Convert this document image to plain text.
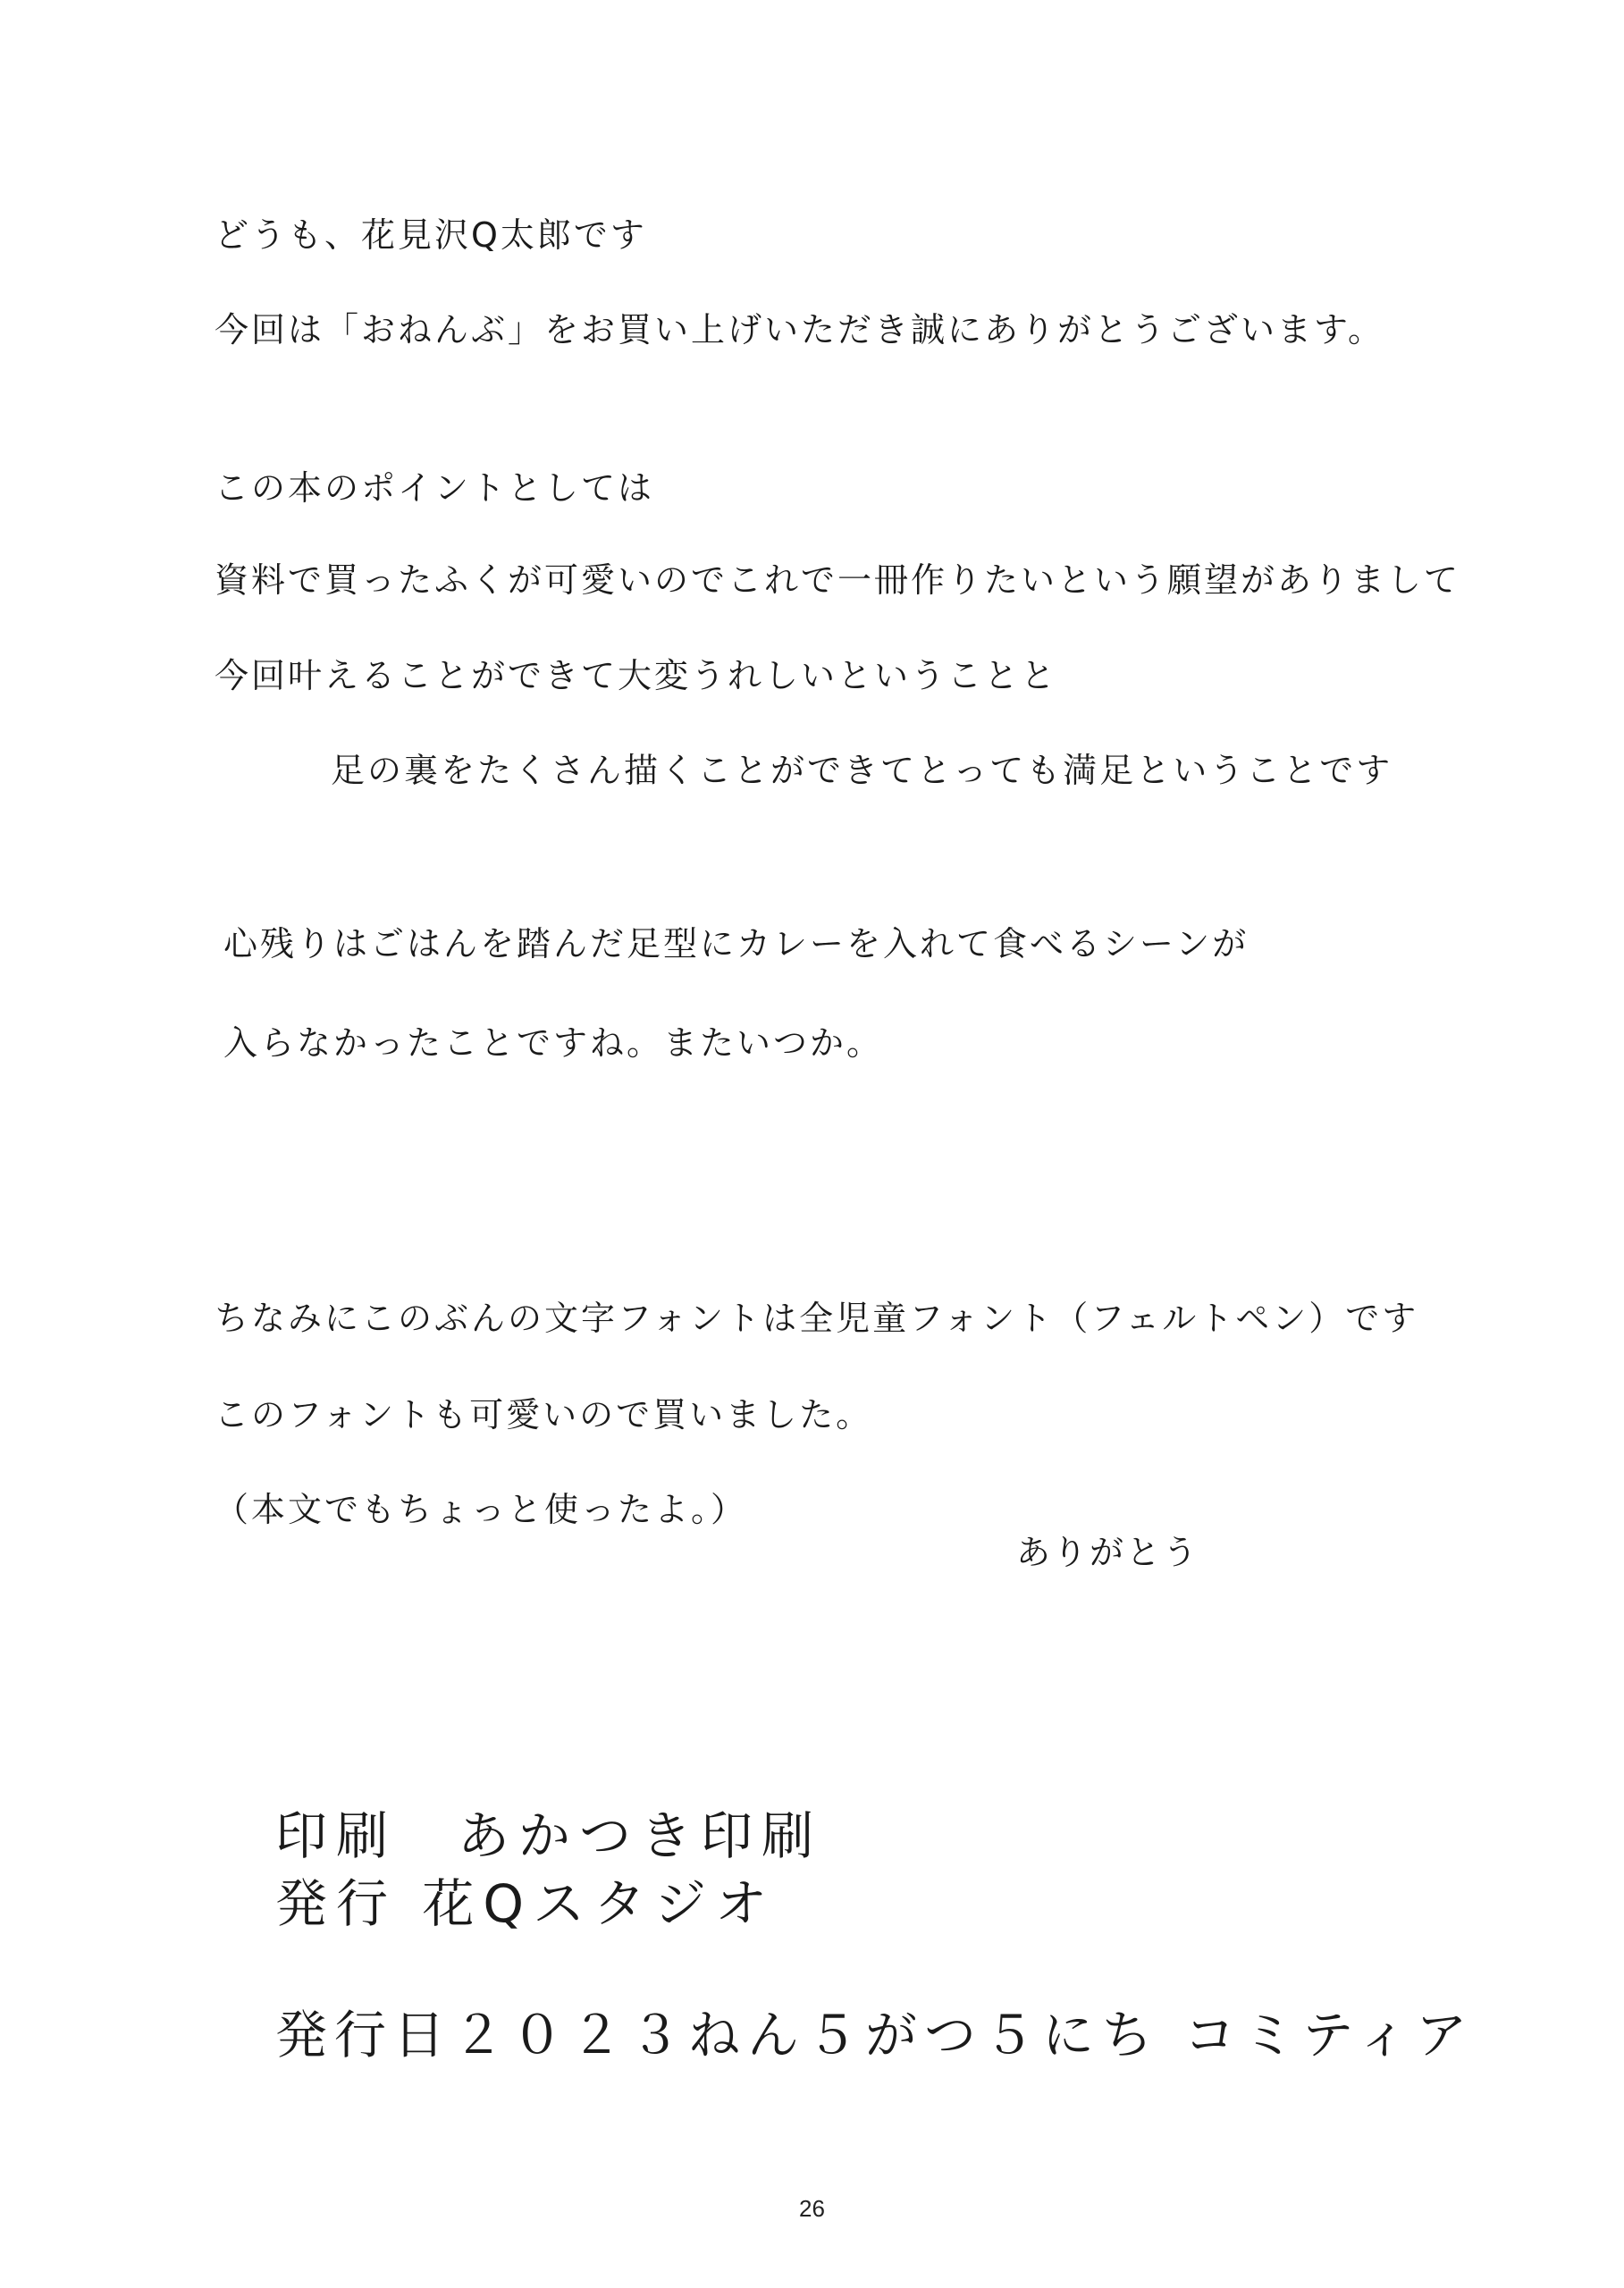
どうも、花見沢Q太郎です
今回は「おねんぶ」をお買い上げいただき誠にありがとうございます。
この本のポイントとしては
資料で買ったふくが可愛いのでこれで一冊作りたいという願望がありまして
今回叶えることができて大変うれしいということと
足の裏をたくさん描くことができてとっても満足ということです
心残りはごはんを踏んだ足型にカレーを入れて食べるシーンが
入らなかったことですね。またいつか。
ちなみにこのぶんの文字フォントは全児童フォント（フェルトペン）です
このフォントも可愛いので買いました。
（本文でもちょっと使ったよ。）
ありがとう
印刷　あかつき印刷
発行 花Qスタジオ
発行日２０２３ねん５がつ５にち コミティア
26
